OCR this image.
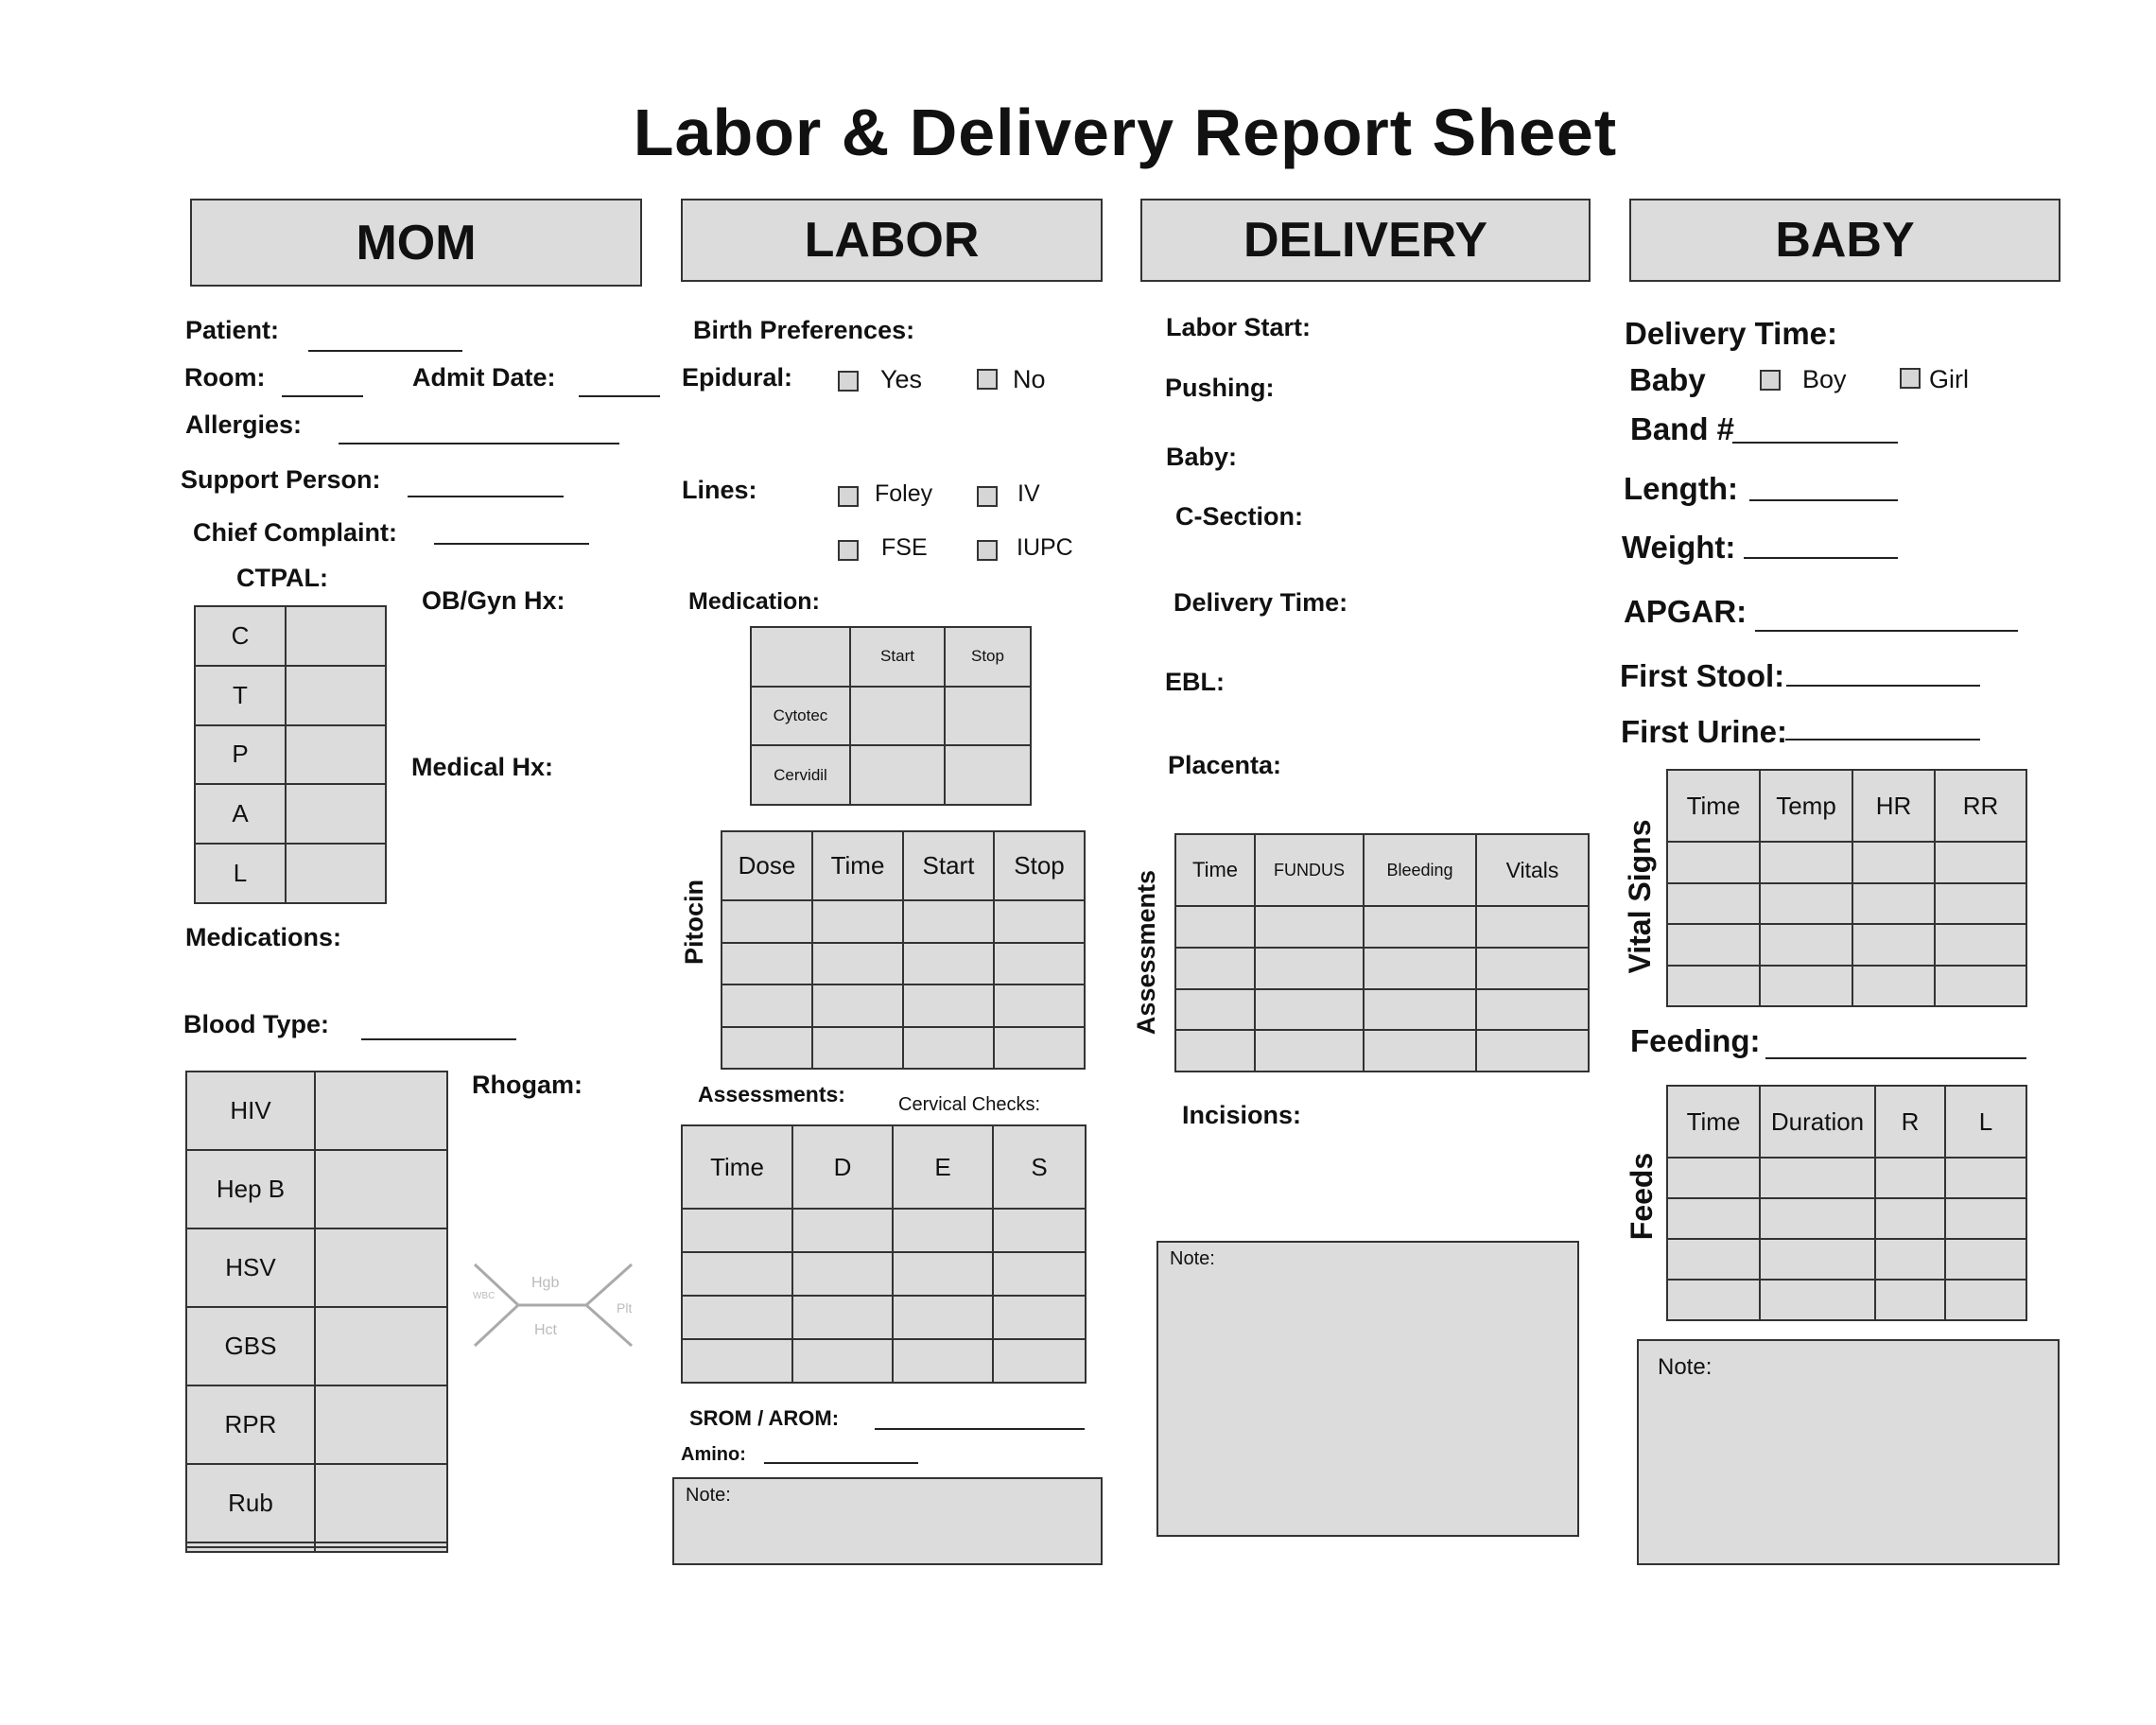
Labor & Delivery Report Sheet
MOM	LABOR	DELIVERY	BABY
Patient:
Room:	Admit Date:
Allergies:
Support Person:
Chief Complaint:
CTPAL:
C	
T	
P	
A	
L	
OB/Gyn Hx:
Medical Hx:
Medications:
Blood Type:
HIV	
Hep B	
HSV	
GBS	
RPR	
Rub	

Rhogam:
WBC
Hgb
Hct
Plt
Birth Preferences:
Epidural:	Yes	No
Lines:	Foley	IV
FSE	IUPC
Medication:
	Start	Stop
Cytotec		
Cervidil		
Pitocin
Dose	Time	Start	Stop

Assessments:	Cervical Checks:
Time	D	E	S

SROM / AROM:
Amino:
Note:
Labor Start:
Pushing:
Baby:
C-Section:
Delivery Time:
EBL:
Placenta:
Assessments
Time	FUNDUS	Bleeding	Vitals

Incisions:
Note:
Delivery Time:
Baby	Boy	Girl
Band #
Length:
Weight:
APGAR:
First Stool:
First Urine:
Vital Signs
Time	Temp	HR	RR

Feeding:
Feeds
Time	Duration	R	L

Note:
